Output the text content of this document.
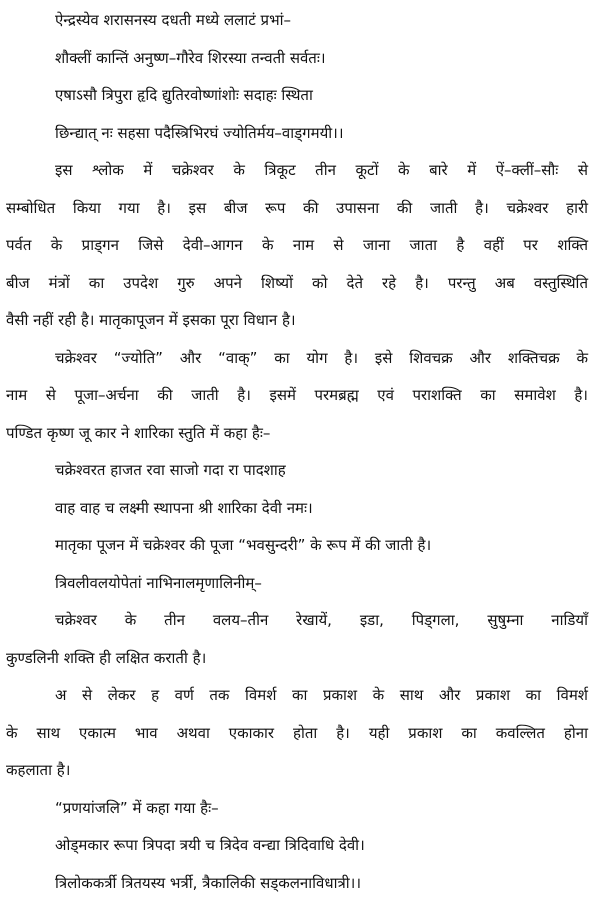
ऐन्द्रस्येव शरासनस्य दधती मध्ये ललाटं प्रभां–
शौक्लीं कान्तिं अनुष्ण–गौरेव शिरस्या तन्वती सर्वतः।
एषाऽसौ त्रिपुरा हृदि द्युतिरवोष्णांशोः सदाहः स्थिता
छिन्द्यात् नः सहसा पदैस्त्रिभिरघं ज्योतिर्मय–वाड्गमयी।।
इस श्लोक में चक्रेश्वर के त्रिकूट तीन कूटों के बारे में ऐं–क्लीं–सौः से
सम्बोधित किया गया है। इस बीज रूप की उपासना की जाती है। चक्रेश्वर हारी
पर्वत के प्राड्गन जिसे देवी–आगन के नाम से जाना जाता है वहीं पर शक्ति
बीज मंत्रों का उपदेश गुरु अपने शिष्यों को देते रहे है। परन्तु अब वस्तुस्थिति
वैसी नहीं रही है। मातृकापूजन में इसका पूरा विधान है।
चक्रेश्वर “ज्योति” और “वाक्” का योग है। इसे शिवचक्र और शक्तिचक्र के
नाम से पूजा–अर्चना की जाती है। इसमें परमब्रह्म एवं पराशक्ति का समावेश है।
पण्डित कृष्ण जू कार ने शारिका स्तुति में कहा हैः–
चक्रेश्वरत हाजत रवा साजो गदा रा पादशाह
वाह वाह च लक्ष्मी स्थापना श्री शारिका देवी नमः।
मातृका पूजन में चक्रेश्वर की पूजा “भवसुन्दरी” के रूप में की जाती है।
त्रिवलीवलयोपेतां नाभिनालमृणालिनीम्–
चक्रेश्वर के तीन वलय–तीन रेखायें, इडा, पिड्गला, सुषुम्ना नाडियाँ
कुण्डलिनी शक्ति ही लक्षित कराती है।
अ से लेकर ह वर्ण तक विमर्श का प्रकाश के साथ और प्रकाश का विमर्श
के साथ एकात्म भाव अथवा एकाकार होता है। यही प्रकाश का कवल्लित होना
कहलाता है।
“प्रणयांजलि” में कहा गया हैः–
ओड्मकार रूपा त्रिपदा त्रयी च त्रिदेव वन्द्या त्रिदिवाधि देवी।
त्रिलोककर्त्री त्रितयस्य भर्त्री, त्रैकालिकी सड्कलनाविधात्री।।
